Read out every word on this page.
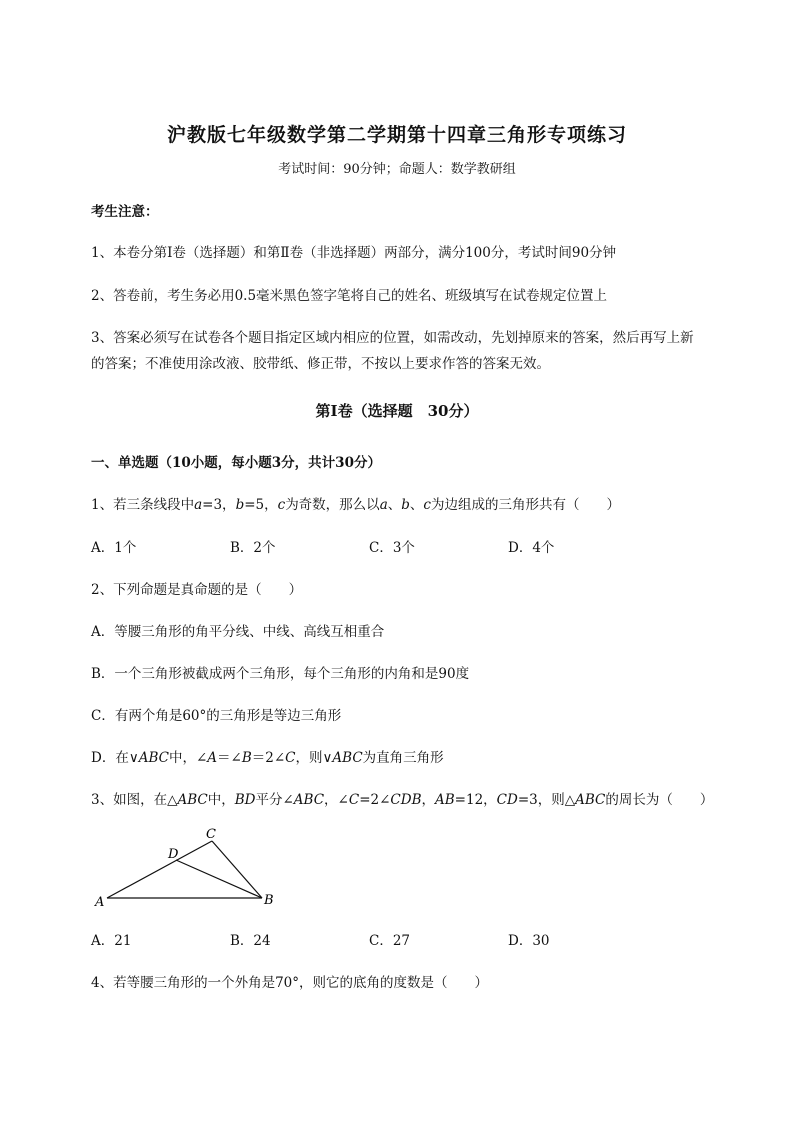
沪教版七年级数学第二学期第十四章三角形专项练习
考试时间：90分钟；命题人：数学教研组
考生注意：
1、本卷分第Ⅰ卷（选择题）和第Ⅱ卷（非选择题）两部分，满分100分，考试时间90分钟
2、答卷前，考生务必用0.5毫米黑色签字笔将自己的姓名、班级填写在试卷规定位置上
3、答案必须写在试卷各个题目指定区域内相应的位置，如需改动，先划掉原来的答案，然后再写上新
的答案；不准使用涂改液、胶带纸、修正带，不按以上要求作答的答案无效。
第Ⅰ卷（选择题　30分）
一、单选题（10小题，每小题3分，共计30分）
1、若三条线段中a=3，b=5，c为奇数，那么以a、b、c为边组成的三角形共有（　　）
A．1个	B．2个	C．3个	D．4个
2、下列命题是真命题的是（　　）
A．等腰三角形的角平分线、中线、高线互相重合
B．一个三角形被截成两个三角形，每个三角形的内角和是90度
C．有两个角是60°的三角形是等边三角形
D．在∨ABC中，∠A＝∠B＝2∠C，则∨ABC为直角三角形
3、如图，在△ABC中，BD平分∠ABC，∠C=2∠CDB，AB=12，CD=3，则△ABC的周长为（　　）
A	B
C
D
A．21	B．24	C．27	D．30
4、若等腰三角形的一个外角是70°，则它的底角的度数是（　　）
